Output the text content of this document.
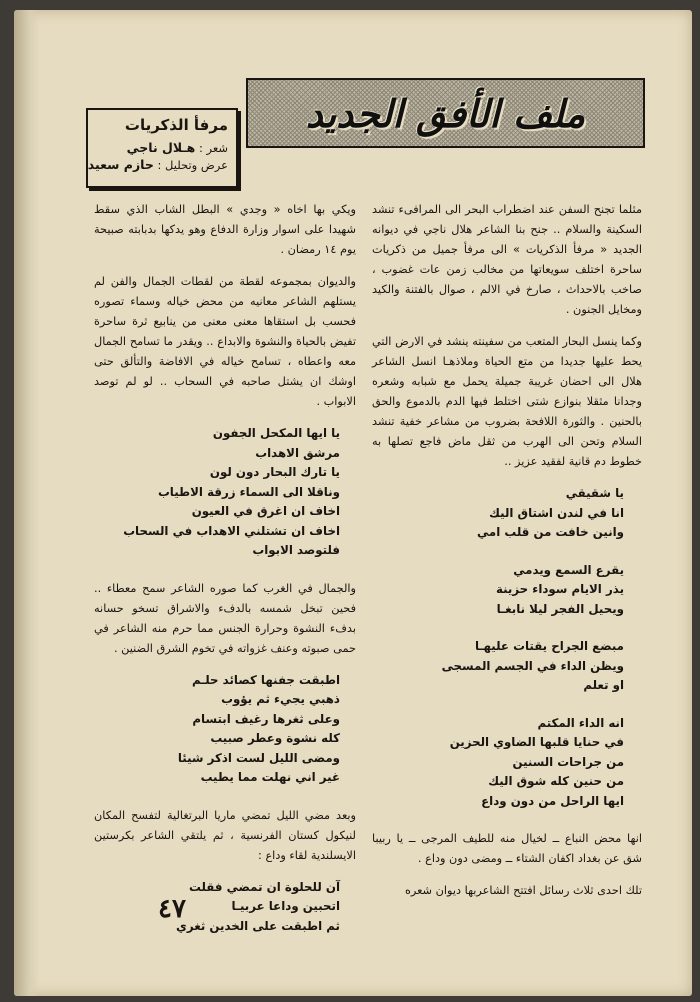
ملف الأفق الجديد
مرفأ الذكريات
شعر : هـلال ناجي
عرض وتحليل : حازم سعيد

مثلما تجنح السفن عند اضطراب البحر الى المرافىء تنشد السكينة والسلام .. جنح بنا الشاعر هلال ناجي في ديوانه الجديد « مرفأ الذكريات » الى مرفأ جميل من ذكريات ساحرة اختلف سويعاتها من مخالب زمن عات غضوب ، صاخب بالاحداث ، صارخ في الالم ، صوال بالفتنة والكيد ومخايل الجنون .

وكما ينسل البحار المتعب من سفينته ينشد في الارض التي يحط عليها جديدا من متع الحياة وملاذهـا انسل الشاعر هلال الى احضان غريبة جميلة يحمل مع شبابه وشعره وجدانا مثقلا بنوازع شتى اختلط فيها الدم بالدموع والحق بالحنين . والثورة اللافحة بضروب من مشاعر خفية تنشد السلام وتحن الى الهرب من ثقل ماض فاجع تصلها به خطوط دم قانية لفقيد عزيز ..

يا شقيقي
انا في لندن اشتاق اليك
وانين خافت من قلب امي
يقرع السمع ويدمي
يذر الايام سوداء حزينة
ويحيل الفجر ليلا نابغـا
مبضع الجراح يقتات عليهـا
ويظن الداء في الجسم المسجى
او تعلم
انه الداء المكتم
في حنايا قلبها الضاوي الحزين
من جراحات السنين
من حنين كله شوق اليك
ايها الراحل من دون وداع

انها محض النباع ــ لخيال منه للطيف المرجى ــ يا ربيبا شق عن بغداد اكفان الشتاء ــ ومضى دون وداع .

تلك احدى ثلاث رسائل افتتح الشاعربها ديوان شعره

ويكي بها اخاه « وجدي » البطل الشاب الذي سقط شهيدا على اسوار وزارة الدفاع وهو يدكها بدبابته صبيحة يوم ١٤ رمضان .

والديوان بمجموعه لقطة من لقطات الجمال والفن لم يستلهم الشاعر معانيه من محض خياله وسماء تصوره فحسب بل استقاها معنى معنى من ينابيع ثرة ساحرة تفيض بالحياة والنشوة والابداع .. ويقدر ما تسامح الجمال معه واعطاه ، تسامح خياله في الافاضة والتألق حتى اوشك ان يشتل صاحبه في السحاب .. لو لم توصد الابواب .

يا ايها المكحل الجفون
مرشق الاهداب
يا تارك البحار دون لون
وناقلا الى السماء زرقة الاطياب
اخاف ان اغرق في العيون
اخاف ان تشتلني الاهداب في السحاب
فلتوصد الابواب

والجمال في الغرب كما صوره الشاعر سمح معطاء .. فحين تبخل شمسه بالدفء والاشراق تسخو حسانه بدفء النشوة وحرارة الجنس مما حرم منه الشاعر في حمى صبوته وعنف غزواته في تخوم الشرق الضنين .

اطبقت جفنها كصائد حلـم
ذهبي يجيء ثم يؤوب
وعلى ثغرها رغيف ابتسام
كله نشوة وعطر صبيب
ومضى الليل لست اذكر شيئا
غير اني نهلت مما يطيب

وبعد مضي الليل تمضي ماريا البرتغالية لتفسح المكان لنيكول كستان الفرنسية ، ثم يلتقي الشاعر بكرستين الايسلندية لقاء وداع :

آن للحلوة ان تمضي فقلت
اتحبين وداعا عربيـا
ثم اطبقت على الخدين ثغري
٤٧
